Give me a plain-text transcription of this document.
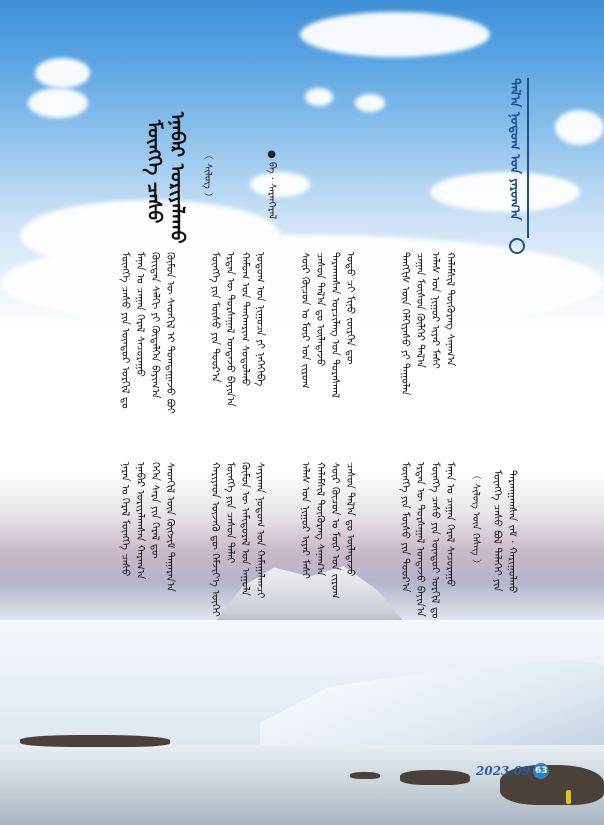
ᠲᠠᠯ᠎ᠠ ᠨᠤᠲᠤᠭ ᠤᠨ ᠶᠠᠷᠤᠭ᠎ᠠ
ᠮᠥᠩᠬᠡ ᠴᠠᠰᠤ ᠡᠨᠡᠪᠡᠷ ᠣᠷᠢᠶᠠᠯᠠᠬᠤ	（ ᠰᠢᠯᠦᠭ ）	● ᠪᠠ · ᠰᠠᠷᠠᠨᠭᠡᠷᠡᠯ
ᠮᠥᠩᠬᠡ ᠴᠠᠰᠤ ᠶᠢᠨ ᠥᠨᠳᠥᠷ ᠣᠷᠭᠢᠯ ᠳᠤ ᠮᠠᠨᠠᠨ ᠤ ᠴᠠᠭᠠᠨ ᠭᠡᠷᠡᠯ ᠰᠠᠴᠤᠷᠠᠭᠤ ᠬᠦᠢᠲᠡᠨ ᠰᠠᠯᠬᠢ ᠶᠢ ᠬᠥᠳᠡᠯᠭᠡᠨ ᠪᠠᠶᠢᠭ᠎ᠠ ᠬᠦᠮᠦᠨ ᠦ ᠰᠡᠳᠬᠢᠯ ᠢ ᠲᠣᠭᠲᠠᠭᠠᠵᠤ ᠪᠣᠢ	ᠮᠥᠩᠬᠡ ᠶᠢᠨ ᠮᠥᠰᠦ ᠶᠢᠨ ᠳᠣᠣᠷ᠎ᠠ ᠡᠷᠲᠡᠨ ᠦ ᠳᠤᠷᠰᠠᠭᠠᠯ ᠤᠨᠲᠠᠵᠤ ᠪᠠᠶᠢᠨ᠎ᠠ ᠬᠠᠮᠤᠭ ᠤᠨ ᠲᠠᠨᠭᠬᠠᠷᠢᠭ ᠰᠤᠳᠤᠯᠬᠤ ᠨᠤᠲᠤᠭ ᠤᠨ ᠨᠢᠭᠤᠴᠠ ᠶᠢ ᠨᠡᠭᠡᠭᠡᠪᠡ	ᠰᠦᠷ ᠬᠦᠴᠦᠨ ᠤ ᠮᠥᠷ ᠤᠨ ᠵᠢᠷᠤᠭ ᠴᠠᠰᠤᠨ ᠲᠠᠯ᠎ᠠ ᠳᠤ ᠦᠯᠡᠳᠡᠵᠦ ᠲᠠᠷᠬᠠᠭᠰᠠᠨ ᠣᠷᠴᠢᠯᠠᠩ ᠤᠨ ᠳᠤᠷᠠᠰᠬᠠᠯ ᠣᠳᠤ ᠴᠢ ᠮᠢᠨᠤ ᠵᠦᠷᠬᠡᠨ ᠳᠦ	ᠲᠡᠩᠭᠢᠰ ᠦᠨ ᠬᠡᠯᠬᠢᠶᠡᠰᠦ ᠶᠢ ᠳᠠᠭᠤᠯᠠᠨ ᠴᠠᠭᠠᠨ ᠮᠥᠰᠦᠨ ᠭᠥᠯᠭᠡᠷ ᠲᠠᠯ᠎ᠠ ᠠᠯᠠᠰ ᠤᠨ ᠨᠢᠭᠤᠷ ᠢᠶᠠᠷ ᠮᠠᠰᠢ ᠬᠠᠯᠠᠮᠰᠢᠯ ᠳᠦᠭᠦᠷᠡᠩ ᠰᠠᠨᠠᠭ᠎ᠠ
ᠨᠠᠷᠠᠨ ᠤ ᠭᠡᠷᠡᠯ ᠮᠥᠩᠬᠡ ᠴᠠᠰᠤ ᠡᠨᠡᠪᠡᠷ ᠣᠷᠢᠶᠠᠯᠠᠭᠰᠠᠨ ᠬᠠᠷᠠᠭ᠎ᠠ ᠭᠡᠭᠡᠨ ᠰᠠᠷᠠ ᠶᠢᠨ ᠭᠡᠷᠡᠯ ᠳᠦ ᠰᠡᠳᠬᠢᠯ ᠦᠨ ᠬᠥᠭᠵᠢᠮ ᠲᠠᠭᠠᠷᠠᠨ᠎ᠠ	ᠬᠠᠷᠢᠶᠠᠳ ᠦᠵᠡᠬᠦ ᠳᠦ ᠬᠡᠮᠵᠢᠶ᠎ᠡ ᠦᠭᠡᠢ ᠮᠥᠩᠬᠡ ᠶᠢᠨ ᠴᠠᠰᠤᠨ ᠳᠠᠯᠠᠢ ᠬᠦᠮᠦᠨ ᠦ ᠠᠮᠢᠳᠤᠷᠠᠯ ᠤᠨ ᠠᠭᠤᠯᠠ ᠰᠠᠶᠢᠬᠠᠨ ᠨᠤᠲᠤᠭ ᠤᠨ ᠬᠠᠮᠠᠭᠠᠯᠠᠭᠴᠢ	ᠠᠯᠠᠰ ᠤᠨ ᠨᠢᠭᠤᠷ ᠢᠶᠠᠷ ᠮᠠᠰᠢ ᠬᠠᠯᠠᠮᠰᠢᠯ ᠳᠦᠭᠦᠷᠡᠩ ᠰᠠᠨᠠᠭ᠎ᠠ ᠰᠦᠷ ᠬᠦᠴᠦᠨ ᠤ ᠮᠥᠷ ᠤᠨ ᠵᠢᠷᠤᠭ ᠴᠠᠰᠤᠨ ᠲᠠᠯ᠎ᠠ ᠳᠤ ᠦᠯᠡᠳᠡᠵᠦ	ᠮᠥᠩᠬᠡ ᠶᠢᠨ ᠮᠥᠰᠦ ᠶᠢᠨ ᠳᠣᠣᠷ᠎ᠠ ᠡᠷᠲᠡᠨ ᠦ ᠳᠤᠷᠰᠠᠭᠠᠯ ᠤᠨᠲᠠᠵᠤ ᠪᠠᠶᠢᠨ᠎ᠠ ᠮᠥᠩᠬᠡ ᠴᠠᠰᠤ ᠶᠢᠨ ᠥᠨᠳᠥᠷ ᠣᠷᠭᠢᠯ ᠳᠤ ᠮᠠᠨᠠᠨ ᠤ ᠴᠠᠭᠠᠨ ᠭᠡᠷᠡᠯ ᠰᠠᠴᠤᠷᠠᠭᠤ （ ᠰᠢᠯᠦᠭ ᠦᠨ ᠬᠡᠰᠡᠭ ） ᠮᠥᠩᠬᠡ ᠴᠠᠰᠤ ᠪᠣᠯ ᠳᠡᠯᠡᠬᠡᠢ ᠶᠢᠨ ᠲᠠᠷᠬᠠᠭᠠᠭᠰᠠᠨ ᠵᠠᠮ · ᠬᠠᠷᠢᠭᠤᠯᠬᠤ
2023.09 63
